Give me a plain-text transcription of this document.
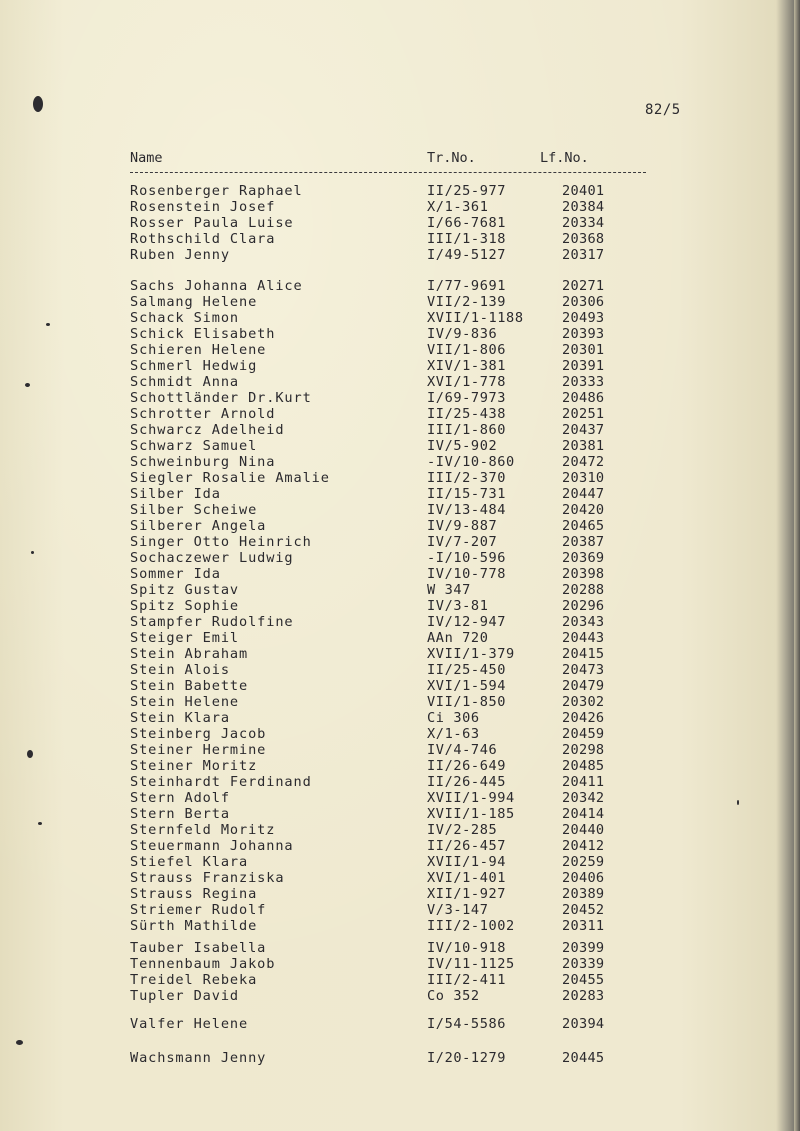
82/5
Name	Tr.No.	Lf.No.
Rosenberger Raphael	II/25-977	20401
Rosenstein Josef	X/1-361	20384
Rosser Paula Luise	I/66-7681	20334
Rothschild Clara	III/1-318	20368
Ruben Jenny	I/49-5127	20317
Sachs Johanna Alice	I/77-9691	20271
Salmang Helene	VII/2-139	20306
Schack Simon	XVII/1-1188	20493
Schick Elisabeth	IV/9-836	20393
Schieren Helene	VII/1-806	20301
Schmerl Hedwig	XIV/1-381	20391
Schmidt Anna	XVI/1-778	20333
Schottländer Dr.Kurt	I/69-7973	20486
Schrotter Arnold	II/25-438	20251
Schwarcz Adelheid	III/1-860	20437
Schwarz Samuel	IV/5-902	20381
Schweinburg Nina	-IV/10-860	20472
Siegler Rosalie Amalie	III/2-370	20310
Silber Ida	II/15-731	20447
Silber Scheiwe	IV/13-484	20420
Silberer Angela	IV/9-887	20465
Singer Otto Heinrich	IV/7-207	20387
Sochaczewer Ludwig	-I/10-596	20369
Sommer Ida	IV/10-778	20398
Spitz Gustav	W 347	20288
Spitz Sophie	IV/3-81	20296
Stampfer Rudolfine	IV/12-947	20343
Steiger Emil	AAn 720	20443
Stein Abraham	XVII/1-379	20415
Stein Alois	II/25-450	20473
Stein Babette	XVI/1-594	20479
Stein Helene	VII/1-850	20302
Stein Klara	Ci 306	20426
Steinberg Jacob	X/1-63	20459
Steiner Hermine	IV/4-746	20298
Steiner Moritz	II/26-649	20485
Steinhardt Ferdinand	II/26-445	20411
Stern Adolf	XVII/1-994	20342
Stern Berta	XVII/1-185	20414
Sternfeld Moritz	IV/2-285	20440
Steuermann Johanna	II/26-457	20412
Stiefel Klara	XVII/1-94	20259
Strauss Franziska	XVI/1-401	20406
Strauss Regina	XII/1-927	20389
Striemer Rudolf	V/3-147	20452
Sürth Mathilde	III/2-1002	20311
Tauber Isabella	IV/10-918	20399
Tennenbaum Jakob	IV/11-1125	20339
Treidel Rebeka	III/2-411	20455
Tupler David	Co 352	20283
Valfer Helene	I/54-5586	20394
Wachsmann Jenny	I/20-1279	20445
